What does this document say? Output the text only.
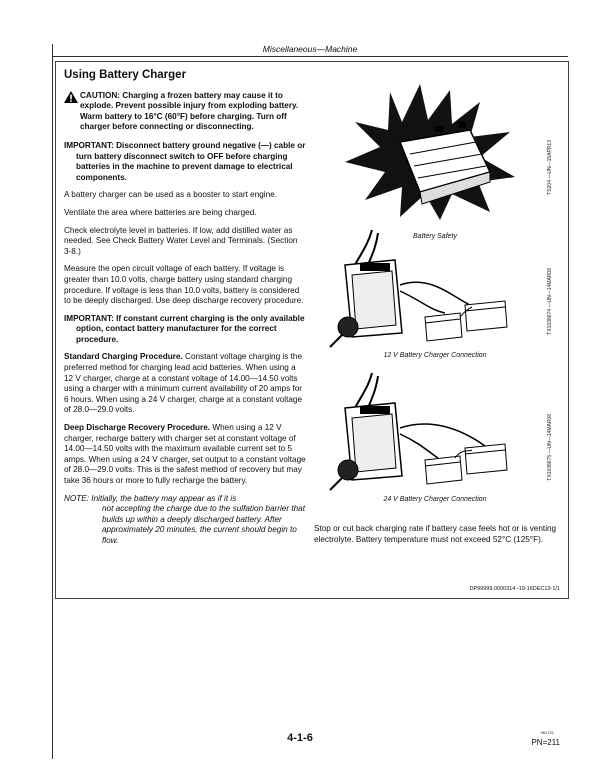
Miscellaneous—Machine
Using Battery Charger
CAUTION: Charging a frozen battery may cause it to explode. Prevent possible injury from exploding battery. Warm battery to 16°C (60°F) before charging. Turn off charger before connecting or disconnecting.

IMPORTANT: Disconnect battery ground negative (—) cable or turn battery disconnect switch to OFF before charging batteries in the machine to prevent damage to electrical components.

A battery charger can be used as a booster to start engine.

Ventilate the area where batteries are being charged.

Check electrolyte level in batteries. If low, add distilled water as needed. See Check Battery Water Level and Terminals. (Section 3-8.)

Measure the open circuit voltage of each battery. If voltage is greater than 10.0 volts, charge battery using standard charging procedure. If voltage is less than 10.0 volts, battery is considered to be deeply discharged. Use deep discharge recovery procedure.

IMPORTANT: If constant current charging is the only available option, contact battery manufacturer for the correct procedure.

Standard Charging Procedure. Constant voltage charging is the preferred method for charging lead acid batteries. When using a 12 V charger, charge at a constant voltage of 14.00—14.50 volts using a charger with a minimum current availability of 20 amps for 6 hours. When using a 24 V charger, charge at a constant voltage of 28.0—29.0 volts.

Deep Discharge Recovery Procedure. When using a 12 V charger, recharge battery with charger set at constant voltage of 14.00—14.50 volts with the maximum available current set to 5 amps. When using a 24 V charger, set output to a constant voltage of 28.0—29.0 volts. This is the safest method of recovery but may take 36 hours or more to fully recharge the battery.

NOTE: Initially, the battery may appear as if it is
not accepting the charge due to the sulfation barrier that builds up within a deeply discharged battery. After approximately 20 minutes, the current should begin to flow.

Battery Safety
TS204 —UN—15APR13
12 V Battery Charger Connection
TX1038674 —UN—14MAR08
24 V Battery Charger Connection
TX1038675 —UN—14MAR08
Stop or cut back charging rate if battery case feels hot or is venting electrolyte. Battery temperature must not exceed 52°C (125°F).
DP99999,0000314 -19-16DEC13-1/1
4-1-6	061721
PN=211
